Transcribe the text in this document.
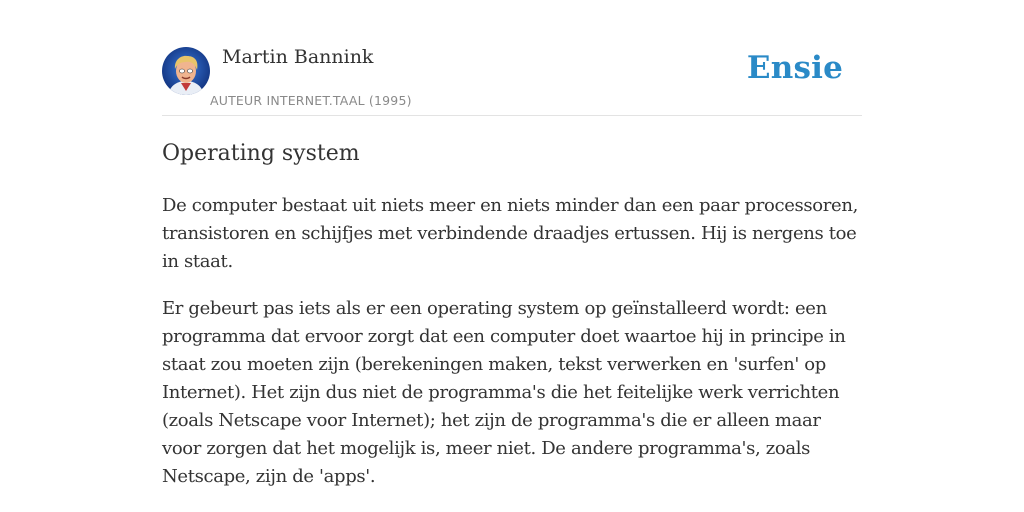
Martin Bannink
AUTEUR INTERNET.TAAL (1995)
Ensie
Operating system

De computer bestaat uit niets meer en niets minder dan een paar processoren, transistoren en schijfjes met verbindende draadjes ertussen. Hij is nergens toe in staat.

Er gebeurt pas iets als er een operating system op geïnstalleerd wordt: een programma dat ervoor zorgt dat een computer doet waartoe hij in principe in staat zou moeten zijn (berekeningen maken, tekst verwerken en 'surfen' op Internet). Het zijn dus niet de programma's die het feitelijke werk verrichten (zoals Netscape voor Internet); het zijn de programma's die er alleen maar voor zorgen dat het mogelijk is, meer niet. De andere programma's, zoals Netscape, zijn de 'apps'.
